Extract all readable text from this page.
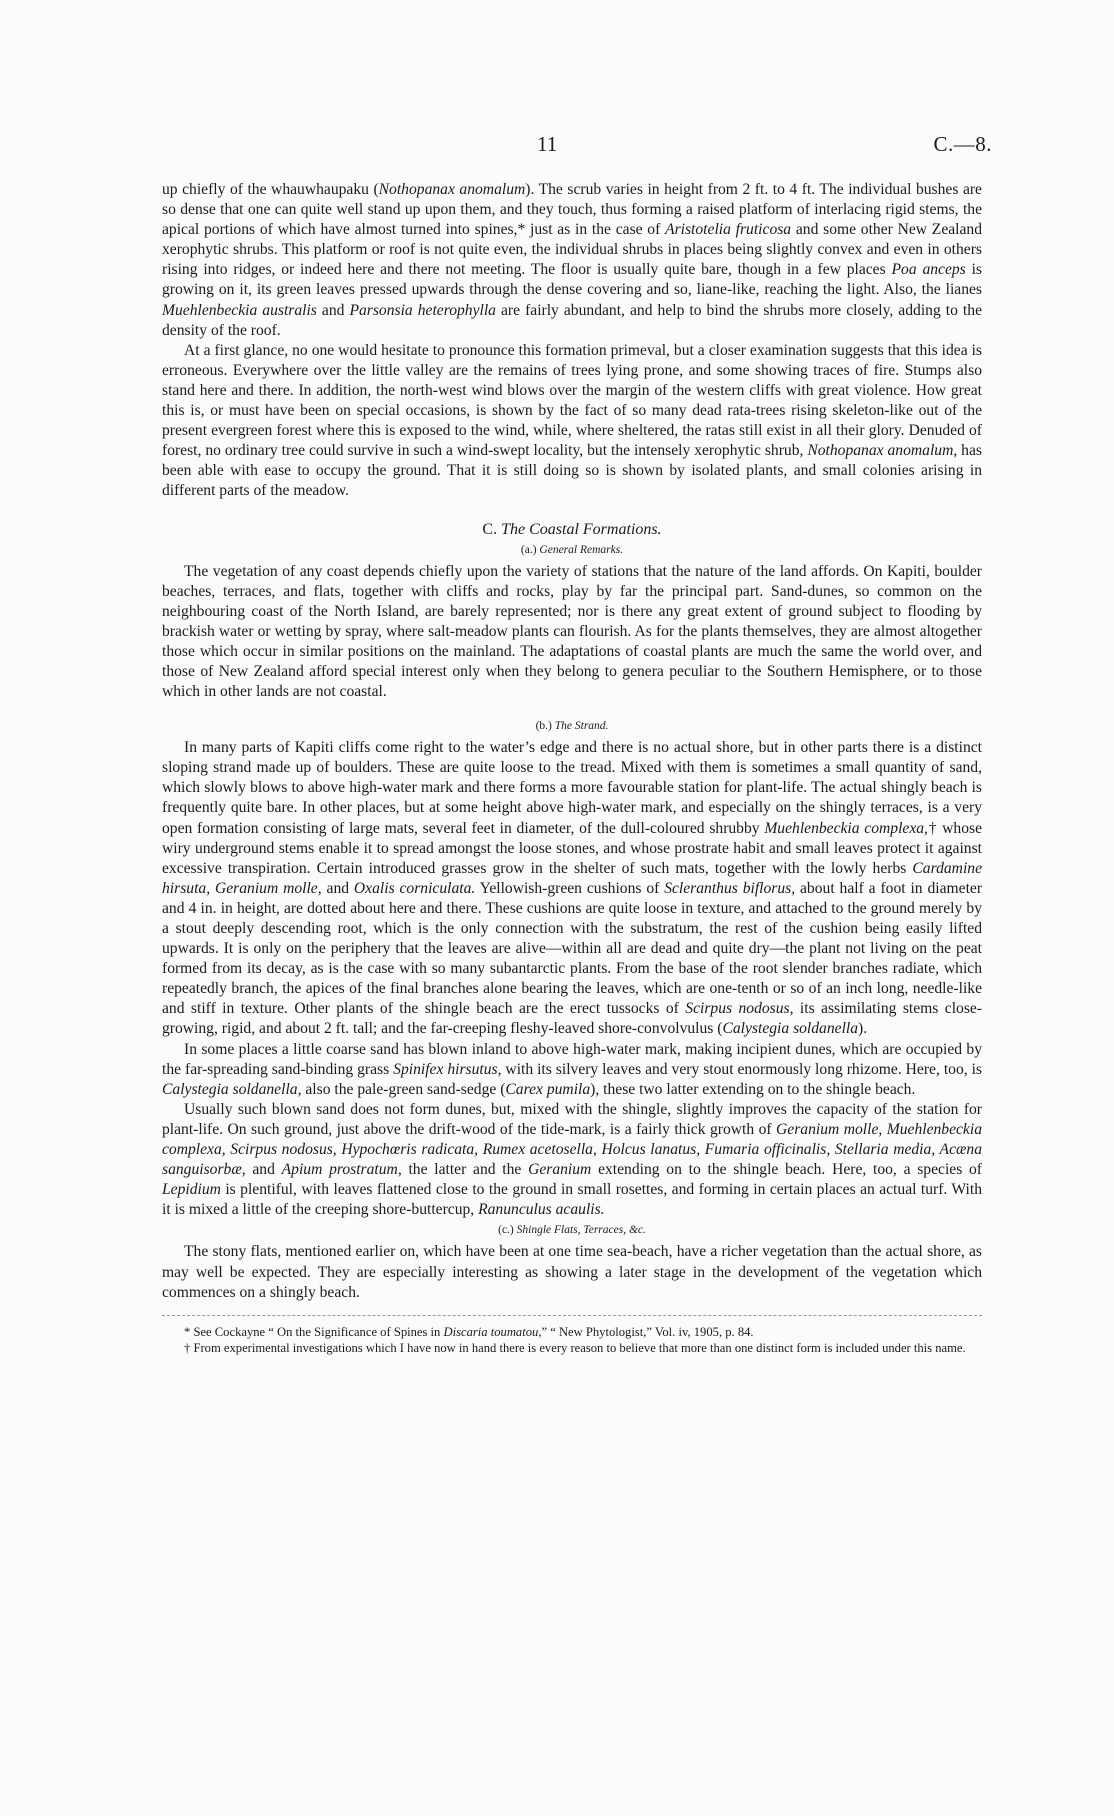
11	C.—8.

up chiefly of the whauwhaupaku (Nothopanax anomalum). The scrub varies in height from 2 ft. to 4 ft. The individual bushes are so dense that one can quite well stand up upon them, and they touch, thus forming a raised platform of interlacing rigid stems, the apical portions of which have almost turned into spines,* just as in the case of Aristotelia fruticosa and some other New Zealand xerophytic shrubs. This platform or roof is not quite even, the individual shrubs in places being slightly convex and even in others rising into ridges, or indeed here and there not meeting. The floor is usually quite bare, though in a few places Poa anceps is growing on it, its green leaves pressed upwards through the dense covering and so, liane-like, reaching the light. Also, the lianes Muehlenbeckia australis and Parsonsia heterophylla are fairly abundant, and help to bind the shrubs more closely, adding to the density of the roof.

At a first glance, no one would hesitate to pronounce this formation primeval, but a closer examination suggests that this idea is erroneous. Everywhere over the little valley are the remains of trees lying prone, and some showing traces of fire. Stumps also stand here and there. In addition, the north-west wind blows over the margin of the western cliffs with great violence. How great this is, or must have been on special occasions, is shown by the fact of so many dead rata-trees rising skeleton-like out of the present evergreen forest where this is exposed to the wind, while, where sheltered, the ratas still exist in all their glory. Denuded of forest, no ordinary tree could survive in such a wind-swept locality, but the intensely xerophytic shrub, Nothopanax anomalum, has been able with ease to occupy the ground. That it is still doing so is shown by isolated plants, and small colonies arising in different parts of the meadow.

C. The Coastal Formations.
(a.) General Remarks.

The vegetation of any coast depends chiefly upon the variety of stations that the nature of the land affords. On Kapiti, boulder beaches, terraces, and flats, together with cliffs and rocks, play by far the principal part. Sand-dunes, so common on the neighbouring coast of the North Island, are barely represented; nor is there any great extent of ground subject to flooding by brackish water or wetting by spray, where salt-meadow plants can flourish. As for the plants themselves, they are almost altogether those which occur in similar positions on the mainland. The adaptations of coastal plants are much the same the world over, and those of New Zealand afford special interest only when they belong to genera peculiar to the Southern Hemisphere, or to those which in other lands are not coastal.

(b.) The Strand.

In many parts of Kapiti cliffs come right to the water’s edge and there is no actual shore, but in other parts there is a distinct sloping strand made up of boulders. These are quite loose to the tread. Mixed with them is sometimes a small quantity of sand, which slowly blows to above high-water mark and there forms a more favourable station for plant-life. The actual shingly beach is frequently quite bare. In other places, but at some height above high-water mark, and especially on the shingly terraces, is a very open formation consisting of large mats, several feet in diameter, of the dull-coloured shrubby Muehlenbeckia complexa,† whose wiry underground stems enable it to spread amongst the loose stones, and whose prostrate habit and small leaves protect it against excessive transpiration. Certain introduced grasses grow in the shelter of such mats, together with the lowly herbs Cardamine hirsuta, Geranium molle, and Oxalis corniculata. Yellowish-green cushions of Scleranthus biflorus, about half a foot in diameter and 4 in. in height, are dotted about here and there. These cushions are quite loose in texture, and attached to the ground merely by a stout deeply descending root, which is the only connection with the substratum, the rest of the cushion being easily lifted upwards. It is only on the periphery that the leaves are alive—within all are dead and quite dry—the plant not living on the peat formed from its decay, as is the case with so many subantarctic plants. From the base of the root slender branches radiate, which repeatedly branch, the apices of the final branches alone bearing the leaves, which are one-tenth or so of an inch long, needle-like and stiff in texture. Other plants of the shingle beach are the erect tussocks of Scirpus nodosus, its assimilating stems close-growing, rigid, and about 2 ft. tall; and the far-creeping fleshy-leaved shore-convolvulus (Calystegia soldanella).

In some places a little coarse sand has blown inland to above high-water mark, making incipient dunes, which are occupied by the far-spreading sand-binding grass Spinifex hirsutus, with its silvery leaves and very stout enormously long rhizome. Here, too, is Calystegia soldanella, also the pale-green sand-sedge (Carex pumila), these two latter extending on to the shingle beach.

Usually such blown sand does not form dunes, but, mixed with the shingle, slightly improves the capacity of the station for plant-life. On such ground, just above the drift-wood of the tide-mark, is a fairly thick growth of Geranium molle, Muehlenbeckia complexa, Scirpus nodosus, Hypochœris radicata, Rumex acetosella, Holcus lanatus, Fumaria officinalis, Stellaria media, Acæna sanguisorbæ, and Apium prostratum, the latter and the Geranium extending on to the shingle beach. Here, too, a species of Lepidium is plentiful, with leaves flattened close to the ground in small rosettes, and forming in certain places an actual turf. With it is mixed a little of the creeping shore-buttercup, Ranunculus acaulis.

(c.) Shingle Flats, Terraces, &c.

The stony flats, mentioned earlier on, which have been at one time sea-beach, have a richer vegetation than the actual shore, as may well be expected. They are especially interesting as showing a later stage in the development of the vegetation which commences on a shingly beach.

* See Cockayne “ On the Significance of Spines in Discaria toumatou,” “ New Phytologist,” Vol. iv, 1905, p. 84.

† From experimental investigations which I have now in hand there is every reason to believe that more than one distinct form is included under this name.
